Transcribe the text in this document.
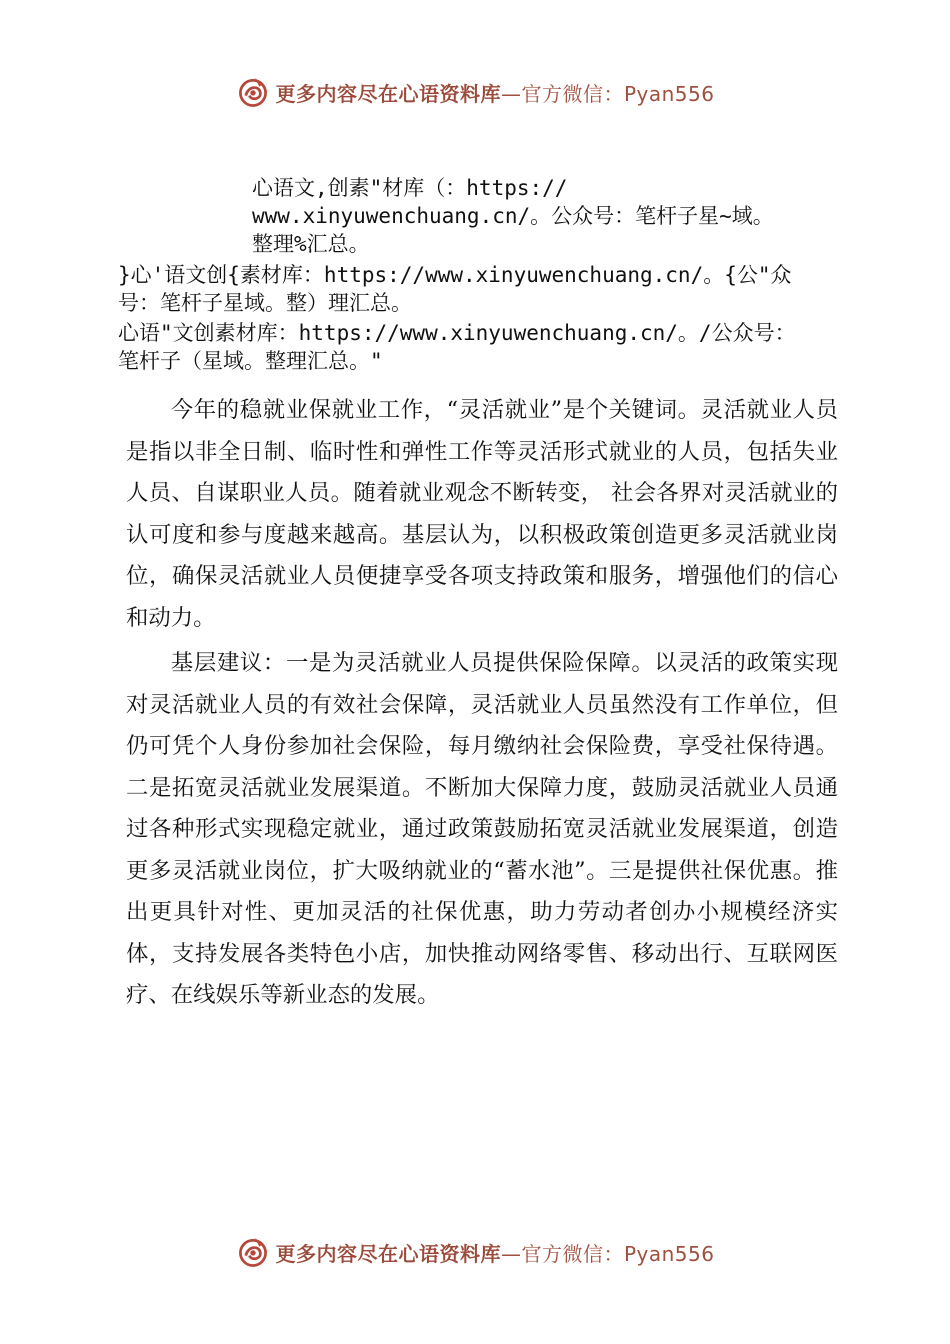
更多内容尽在心语资料库—官方微信：Pyan556
心语文,创素"材库（：https://
www.xinyuwenchuang.cn/。公众号：笔杆子星~域。
整理%汇总。
}心'语文创{素材库：https://www.xinyuwenchuang.cn/。{公"众
号：笔杆子星域。整）理汇总。
心语"文创素材库：https://www.xinyuwenchuang.cn/。/公众号：
笔杆子（星域。整理汇总。"

今年的稳就业保就业工作，“灵活就业”是个关键词。灵活就业人员是指以非全日制、临时性和弹性工作等灵活形式就业的人员，包括失业人员、自谋职业人员。随着就业观念不断转变， 社会各界对灵活就业的认可度和参与度越来越高。基层认为，以积极政策创造更多灵活就业岗位，确保灵活就业人员便捷享受各项支持政策和服务，增强他们的信心和动力。

基层建议：一是为灵活就业人员提供保险保障。以灵活的政策实现对灵活就业人员的有效社会保障，灵活就业人员虽然没有工作单位，但仍可凭个人身份参加社会保险，每月缴纳社会保险费，享受社保待遇。二是拓宽灵活就业发展渠道。不断加大保障力度，鼓励灵活就业人员通过各种形式实现稳定就业，通过政策鼓励拓宽灵活就业发展渠道，创造更多灵活就业岗位，扩大吸纳就业的“蓄水池”。三是提供社保优惠。推出更具针对性、更加灵活的社保优惠，助力劳动者创办小规模经济实体，支持发展各类特色小店，加快推动网络零售、移动出行、互联网医疗、在线娱乐等新业态的发展。

更多内容尽在心语资料库—官方微信：Pyan556
